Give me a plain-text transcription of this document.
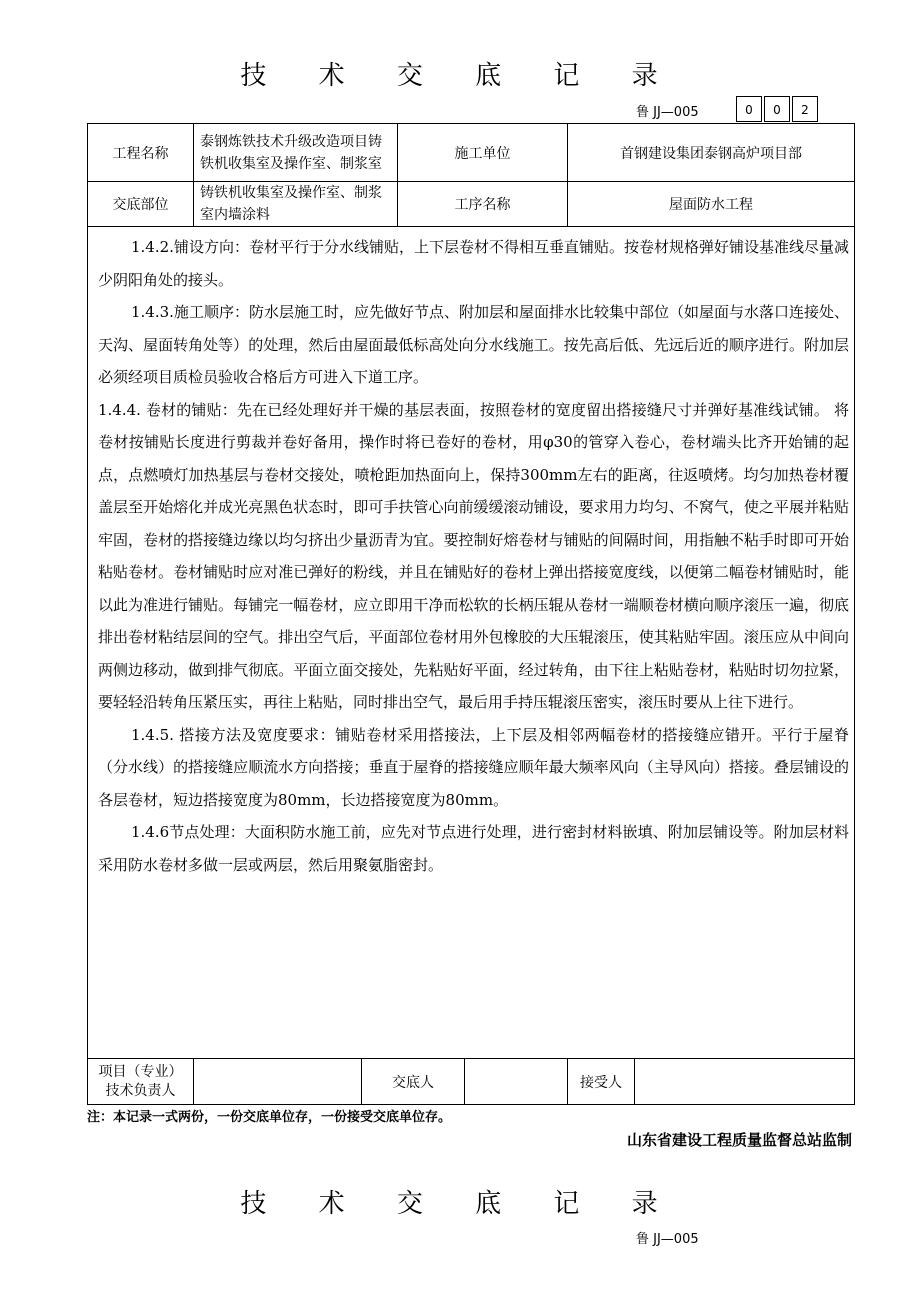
技 术 交 底 记 录
鲁 JJ—005	0	0	2
工程名称	泰钢炼铁技术升级改造项目铸铁机收集室及操作室、制浆室		施工单位		首钢建设集团泰钢高炉项目部	
交底部位	铸铁机收集室及操作室、制浆室内墙涂料		工序名称		屋面防水工程	

1.4.2.铺设方向：卷材平行于分水线铺贴，上下层卷材不得相互垂直铺贴。按卷材规格弹好铺设基准线尽量减少阴阳角处的接头。

1.4.3.施工顺序：防水层施工时，应先做好节点、附加层和屋面排水比较集中部位（如屋面与水落口连接处、天沟、屋面转角处等）的处理，然后由屋面最低标高处向分水线施工。按先高后低、先远后近的顺序进行。附加层必须经项目质检员验收合格后方可进入下道工序。

1.4.4. 卷材的铺贴：先在已经处理好并干燥的基层表面，按照卷材的宽度留出搭接缝尺寸并弹好基准线试铺。 将卷材按铺贴长度进行剪裁并卷好备用，操作时将已卷好的卷材，用φ30的管穿入卷心，卷材端头比齐开始铺的起点，点燃喷灯加热基层与卷材交接处，喷枪距加热面向上，保持300mm左右的距离，往返喷烤。均匀加热卷材覆盖层至开始熔化并成光亮黑色状态时，即可手扶管心向前缓缓滚动铺设，要求用力均匀、不窝气，使之平展并粘贴牢固，卷材的搭接缝边缘以均匀挤出少量沥青为宜。要控制好熔卷材与铺贴的间隔时间，用指触不粘手时即可开始粘贴卷材。卷材铺贴时应对准已弹好的粉线，并且在铺贴好的卷材上弹出搭接宽度线，以便第二幅卷材铺贴时，能以此为准进行铺贴。每铺完一幅卷材，应立即用干净而松软的长柄压辊从卷材一端顺卷材横向顺序滚压一遍，彻底排出卷材粘结层间的空气。排出空气后，平面部位卷材用外包橡胶的大压辊滚压，使其粘贴牢固。滚压应从中间向两侧边移动，做到排气彻底。平面立面交接处，先粘贴好平面，经过转角，由下往上粘贴卷材，粘贴时切勿拉紧，要轻轻沿转角压紧压实，再往上粘贴，同时排出空气，最后用手持压辊滚压密实，滚压时要从上往下进行。

1.4.5. 搭接方法及宽度要求：铺贴卷材采用搭接法，上下层及相邻两幅卷材的搭接缝应错开。平行于屋脊（分水线）的搭接缝应顺流水方向搭接；垂直于屋脊的搭接缝应顺年最大频率风向（主导风向）搭接。叠层铺设的各层卷材，短边搭接宽度为80mm，长边搭接宽度为80mm。

1.4.6节点处理：大面积防水施工前，应先对节点进行处理，进行密封材料嵌填、附加层铺设等。附加层材料采用防水卷材多做一层或两层，然后用聚氨脂密封。						

项目（专业）
技术负责人		交底人			接受人	
注：本记录一式两份，一份交底单位存，一份接受交底单位存。
山东省建设工程质量监督总站监制
技 术 交 底 记 录
鲁 JJ—005
